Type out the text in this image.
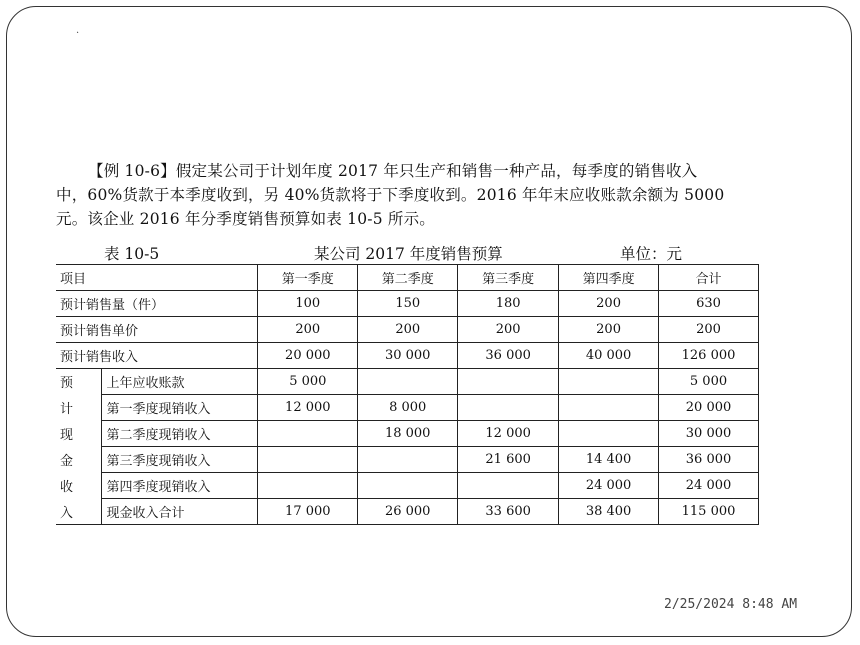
·
【例 10-6】假定某公司于计划年度 2017 年只生产和销售一种产品，每季度的销售收入
中，60%货款于本季度收到，另 40%货款将于下季度收到。2016 年年末应收账款余额为 5000
元。该企业 2016 年分季度销售预算如表 10-5 所示。
表 10-5	某公司 2017 年度销售预算	单位：元
项目		第一季度	第二季度	第三季度	第四季度	合计
预计销售量（件）		100	150	180	200	630
预计销售单价		200	200	200	200	200
预计销售收入		20 000	30 000	36 000	40 000	126 000
预	上年应收账款	5 000				5 000
计	第一季度现销收入	12 000	8 000			20 000
现	第二季度现销收入		18 000	12 000		30 000
金	第三季度现销收入			21 600	14 400	36 000
收	第四季度现销收入				24 000	24 000
入	现金收入合计	17 000	26 000	33 600	38 400	115 000
2/25/2024 8:48 AM
